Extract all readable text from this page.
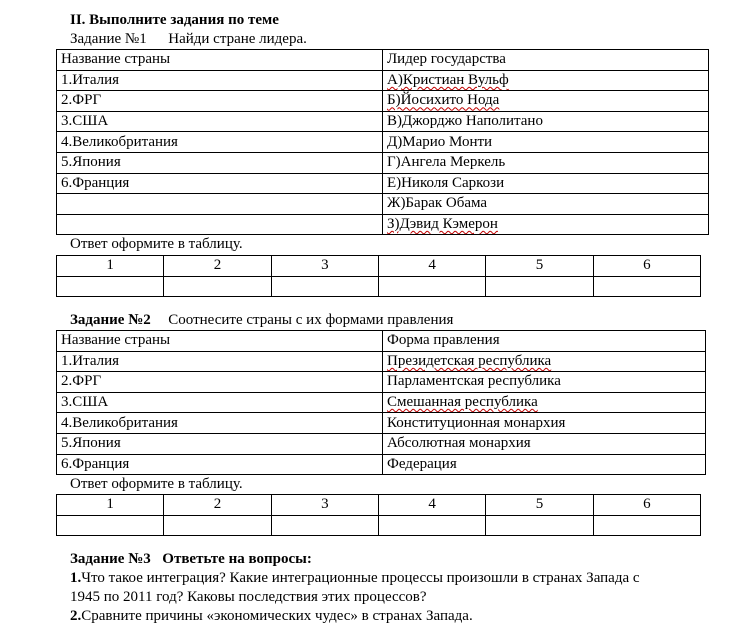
II. Выполните задания по теме
Задание №1 Найди стране лидера.
Название страны	Лидер государства
1.Италия	А)Кристиан Вульф
2.ФРГ	Б)Йосихито Нода
3.США	В)Джорджо Наполитано
4.Великобритания	Д)Марио Монти
5.Япония	Г)Ангела Меркель
6.Франция	Е)Николя Саркози
	Ж)Барак Обама
	З)Дэвид Кэмерон
Ответ оформите в таблицу.
1	2	3	4	5	6

Задание №2 Соотнесите страны с их формами правления
Название страны	Форма правления
1.Италия	Президетская республика
2.ФРГ	Парламентская республика
3.США	Смешанная республика
4.Великобритания	Конституционная монархия
5.Япония	Абсолютная монархия
6.Франция	Федерация
Ответ оформите в таблицу.
1	2	3	4	5	6

Задание №3 Ответьте на вопросы:
1.Что такое интеграция? Какие интеграционные процессы произошли в странах Запада с
1945 по 2011 год? Каковы последствия этих процессов?
2.Сравните причины «экономических чудес» в странах Запада.
